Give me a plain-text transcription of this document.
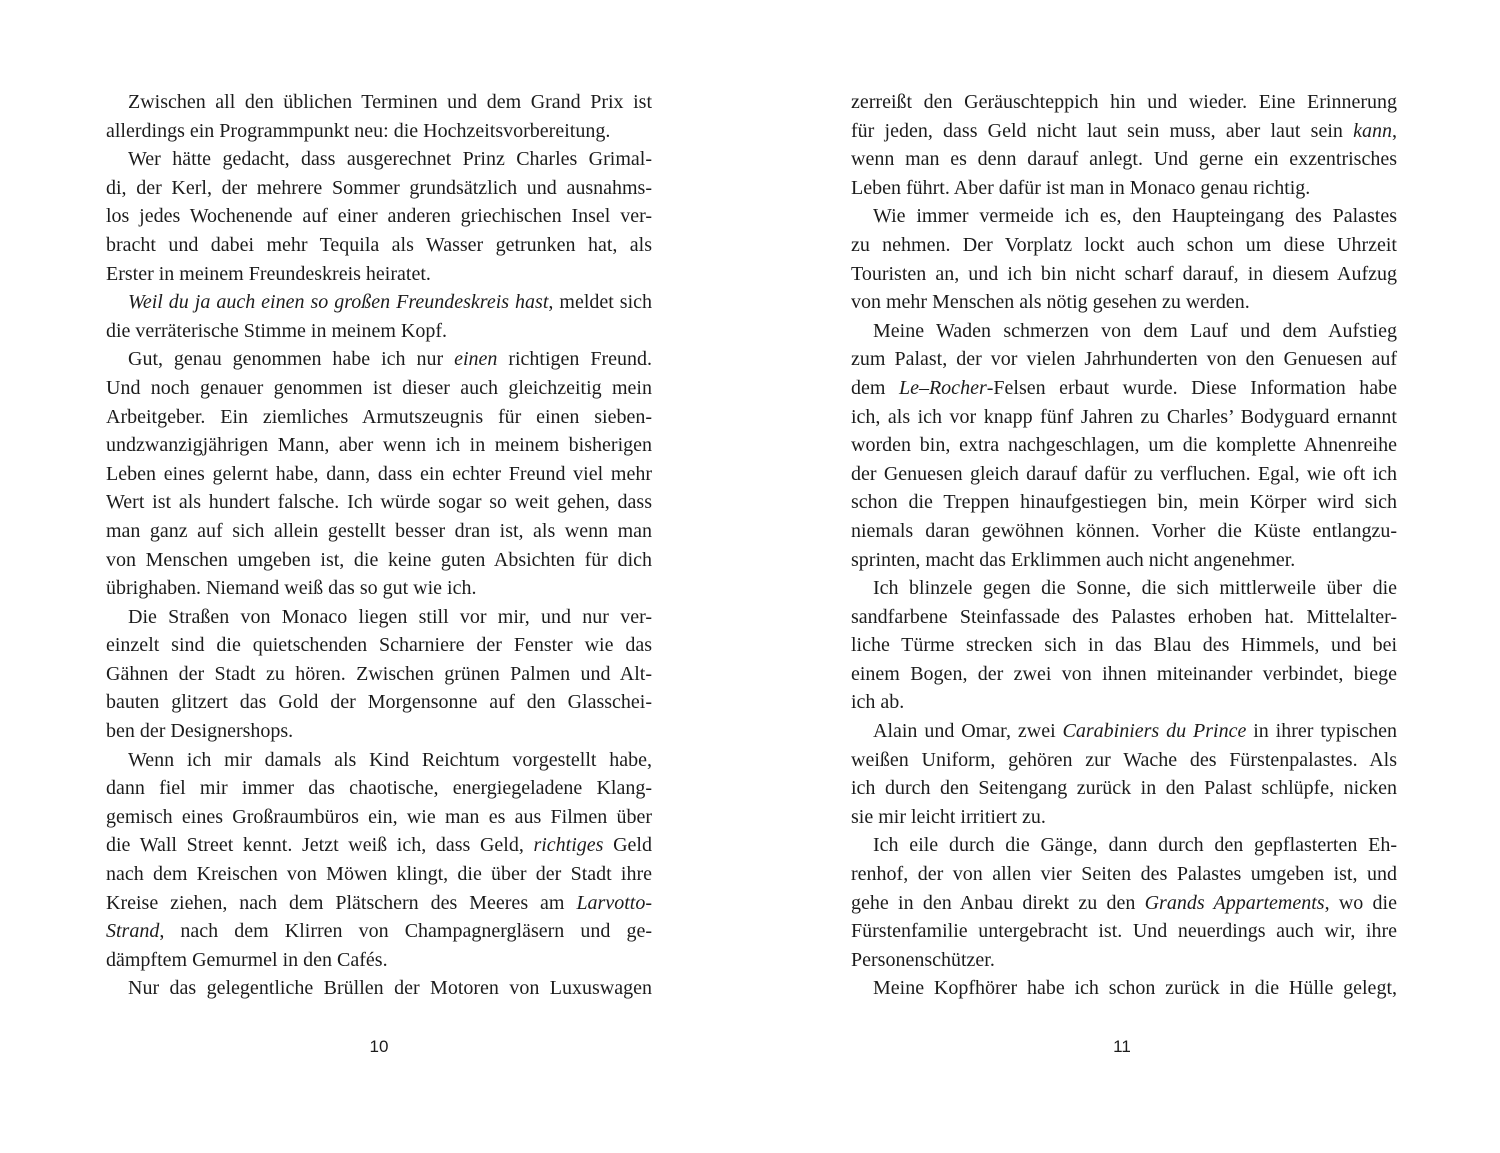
Zwischen all den üblichen Terminen und dem Grand Prix ist
allerdings ein Programmpunkt neu: die Hochzeitsvorbereitung.
Wer hätte gedacht, dass ausgerechnet Prinz Charles Grimal-
di, der Kerl, der mehrere Sommer grundsätzlich und ausnahms-
los jedes Wochenende auf einer anderen griechischen Insel ver-
bracht und dabei mehr Tequila als Wasser getrunken hat, als
Erster in meinem Freundeskreis heiratet.
Weil du ja auch einen so großen Freundeskreis hast, meldet sich
die verräterische Stimme in meinem Kopf.
Gut, genau genommen habe ich nur einen richtigen Freund.
Und noch genauer genommen ist dieser auch gleichzeitig mein
Arbeitgeber. Ein ziemliches Armutszeugnis für einen sieben-
undzwanzigjährigen Mann, aber wenn ich in meinem bisherigen
Leben eines gelernt habe, dann, dass ein echter Freund viel mehr
Wert ist als hundert falsche. Ich würde sogar so weit gehen, dass
man ganz auf sich allein gestellt besser dran ist, als wenn man
von Menschen umgeben ist, die keine guten Absichten für dich
übrighaben. Niemand weiß das so gut wie ich.
Die Straßen von Monaco liegen still vor mir, und nur ver-
einzelt sind die quietschenden Scharniere der Fenster wie das
Gähnen der Stadt zu hören. Zwischen grünen Palmen und Alt-
bauten glitzert das Gold der Morgensonne auf den Glasschei-
ben der Designershops.
Wenn ich mir damals als Kind Reichtum vorgestellt habe,
dann fiel mir immer das chaotische, energiegeladene Klang-
gemisch eines Großraumbüros ein, wie man es aus Filmen über
die Wall Street kennt. Jetzt weiß ich, dass Geld, richtiges Geld
nach dem Kreischen von Möwen klingt, die über der Stadt ihre
Kreise ziehen, nach dem Plätschern des Meeres am Larvotto-
Strand, nach dem Klirren von Champagnergläsern und ge-
dämpftem Gemurmel in den Cafés.
Nur das gelegentliche Brüllen der Motoren von Luxuswagen
10
zerreißt den Geräuschteppich hin und wieder. Eine Erinnerung
für jeden, dass Geld nicht laut sein muss, aber laut sein kann,
wenn man es denn darauf anlegt. Und gerne ein exzentrisches
Leben führt. Aber dafür ist man in Monaco genau richtig.
Wie immer vermeide ich es, den Haupteingang des Palastes
zu nehmen. Der Vorplatz lockt auch schon um diese Uhrzeit
Touristen an, und ich bin nicht scharf darauf, in diesem Aufzug
von mehr Menschen als nötig gesehen zu werden.
Meine Waden schmerzen von dem Lauf und dem Aufstieg
zum Palast, der vor vielen Jahrhunderten von den Genuesen auf
dem Le–Rocher-Felsen erbaut wurde. Diese Information habe
ich, als ich vor knapp fünf Jahren zu Charles’ Bodyguard ernannt
worden bin, extra nachgeschlagen, um die komplette Ahnenreihe
der Genuesen gleich darauf dafür zu verfluchen. Egal, wie oft ich
schon die Treppen hinaufgestiegen bin, mein Körper wird sich
niemals daran gewöhnen können. Vorher die Küste entlangzu-
sprinten, macht das Erklimmen auch nicht angenehmer.
Ich blinzele gegen die Sonne, die sich mittlerweile über die
sandfarbene Steinfassade des Palastes erhoben hat. Mittelalter-
liche Türme strecken sich in das Blau des Himmels, und bei
einem Bogen, der zwei von ihnen miteinander verbindet, biege
ich ab.
Alain und Omar, zwei Carabiniers du Prince in ihrer typischen
weißen Uniform, gehören zur Wache des Fürstenpalastes. Als
ich durch den Seitengang zurück in den Palast schlüpfe, nicken
sie mir leicht irritiert zu.
Ich eile durch die Gänge, dann durch den gepflasterten Eh-
renhof, der von allen vier Seiten des Palastes umgeben ist, und
gehe in den Anbau direkt zu den Grands Appartements, wo die
Fürstenfamilie untergebracht ist. Und neuerdings auch wir, ihre
Personenschützer.
Meine Kopfhörer habe ich schon zurück in die Hülle gelegt,
11
